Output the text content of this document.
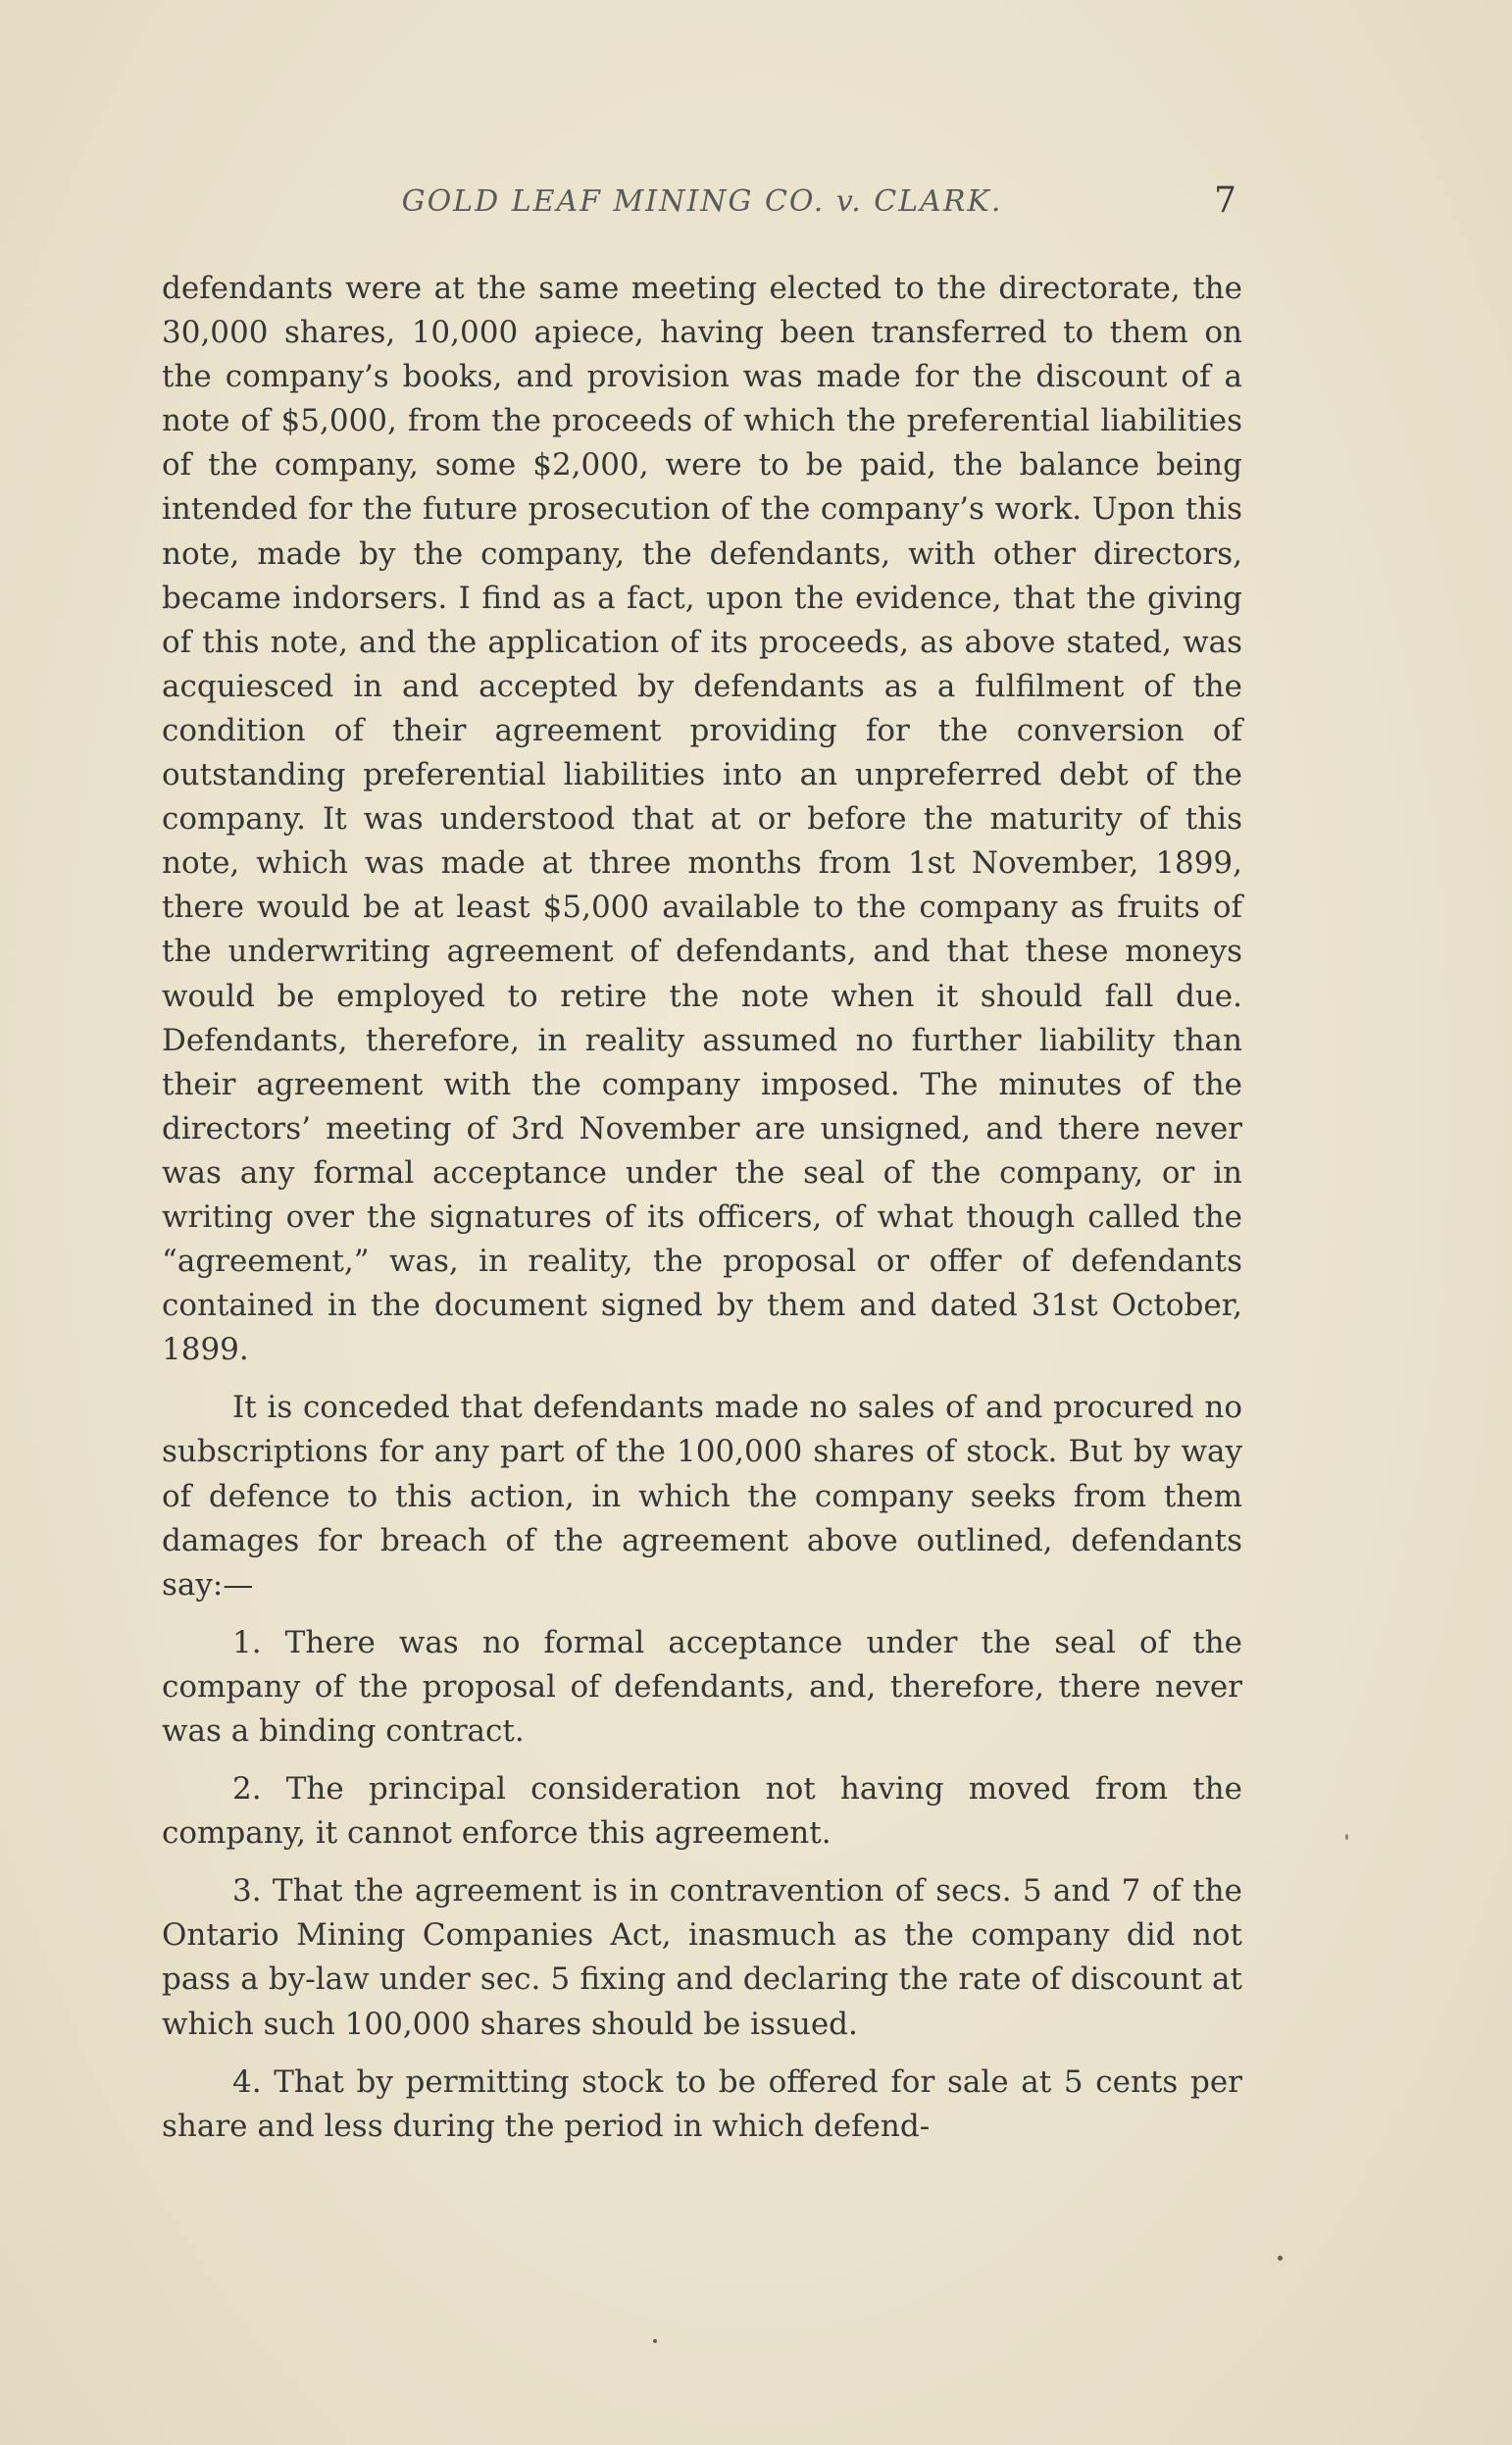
GOLD LEAF MINING CO. v. CLARK.	7

defendants were at the same meeting elected to the directorate, the 30,000 shares, 10,000 apiece, having been transferred to them on the company’s books, and provision was made for the discount of a note of $5,000, from the proceeds of which the preferential liabilities of the company, some $2,000, were to be paid, the balance being intended for the future prosecution of the company’s work. Upon this note, made by the company, the defendants, with other directors, became indorsers. I find as a fact, upon the evidence, that the giving of this note, and the application of its proceeds, as above stated, was acquiesced in and accepted by defendants as a fulfilment of the condition of their agreement providing for the conversion of outstanding preferential liabilities into an unpreferred debt of the company. It was understood that at or before the maturity of this note, which was made at three months from 1st November, 1899, there would be at least $5,000 available to the company as fruits of the underwriting agreement of defendants, and that these moneys would be employed to retire the note when it should fall due. Defendants, therefore, in reality assumed no further liability than their agreement with the company imposed. The minutes of the directors’ meeting of 3rd November are unsigned, and there never was any formal acceptance under the seal of the company, or in writing over the signatures of its officers, of what though called the “agreement,” was, in reality, the proposal or offer of defendants contained in the document signed by them and dated 31st October, 1899.

It is conceded that defendants made no sales of and procured no subscriptions for any part of the 100,000 shares of stock. But by way of defence to this action, in which the company seeks from them damages for breach of the agreement above outlined, defendants say:—

1. There was no formal acceptance under the seal of the company of the proposal of defendants, and, therefore, there never was a binding contract.

2. The principal consideration not having moved from the company, it cannot enforce this agreement.

3. That the agreement is in contravention of secs. 5 and 7 of the Ontario Mining Companies Act, inasmuch as the company did not pass a by-law under sec. 5 fixing and declaring the rate of discount at which such 100,000 shares should be issued.

4. That by permitting stock to be offered for sale at 5 cents per share and less during the period in which defend-
